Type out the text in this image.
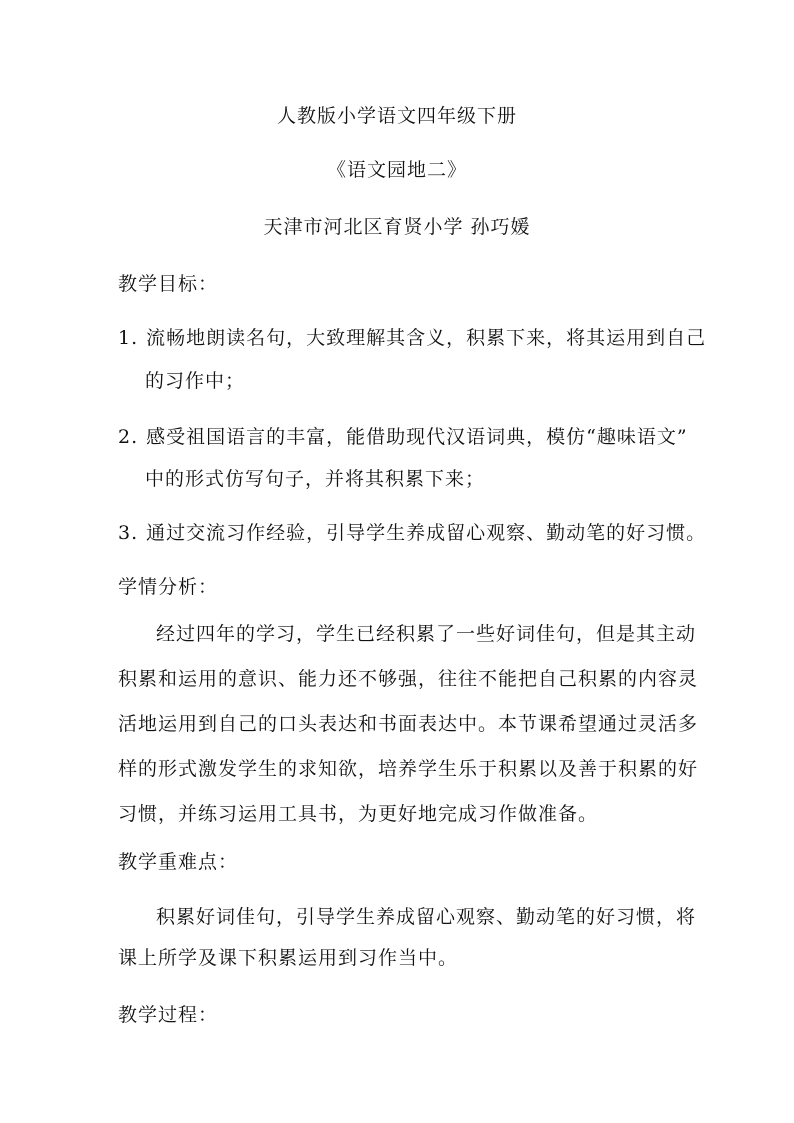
人教版小学语文四年级下册
《语文园地二》
天津市河北区育贤小学 孙巧媛
教学目标：
1. 流畅地朗读名句，大致理解其含义，积累下来，将其运用到自己
的习作中；
2. 感受祖国语言的丰富，能借助现代汉语词典，模仿“趣味语文”
中的形式仿写句子，并将其积累下来；
3. 通过交流习作经验，引导学生养成留心观察、勤动笔的好习惯。
学情分析：
经过四年的学习，学生已经积累了一些好词佳句，但是其主动
积累和运用的意识、能力还不够强，往往不能把自己积累的内容灵
活地运用到自己的口头表达和书面表达中。本节课希望通过灵活多
样的形式激发学生的求知欲，培养学生乐于积累以及善于积累的好
习惯，并练习运用工具书，为更好地完成习作做准备。
教学重难点：
积累好词佳句，引导学生养成留心观察、勤动笔的好习惯，将
课上所学及课下积累运用到习作当中。
教学过程：
